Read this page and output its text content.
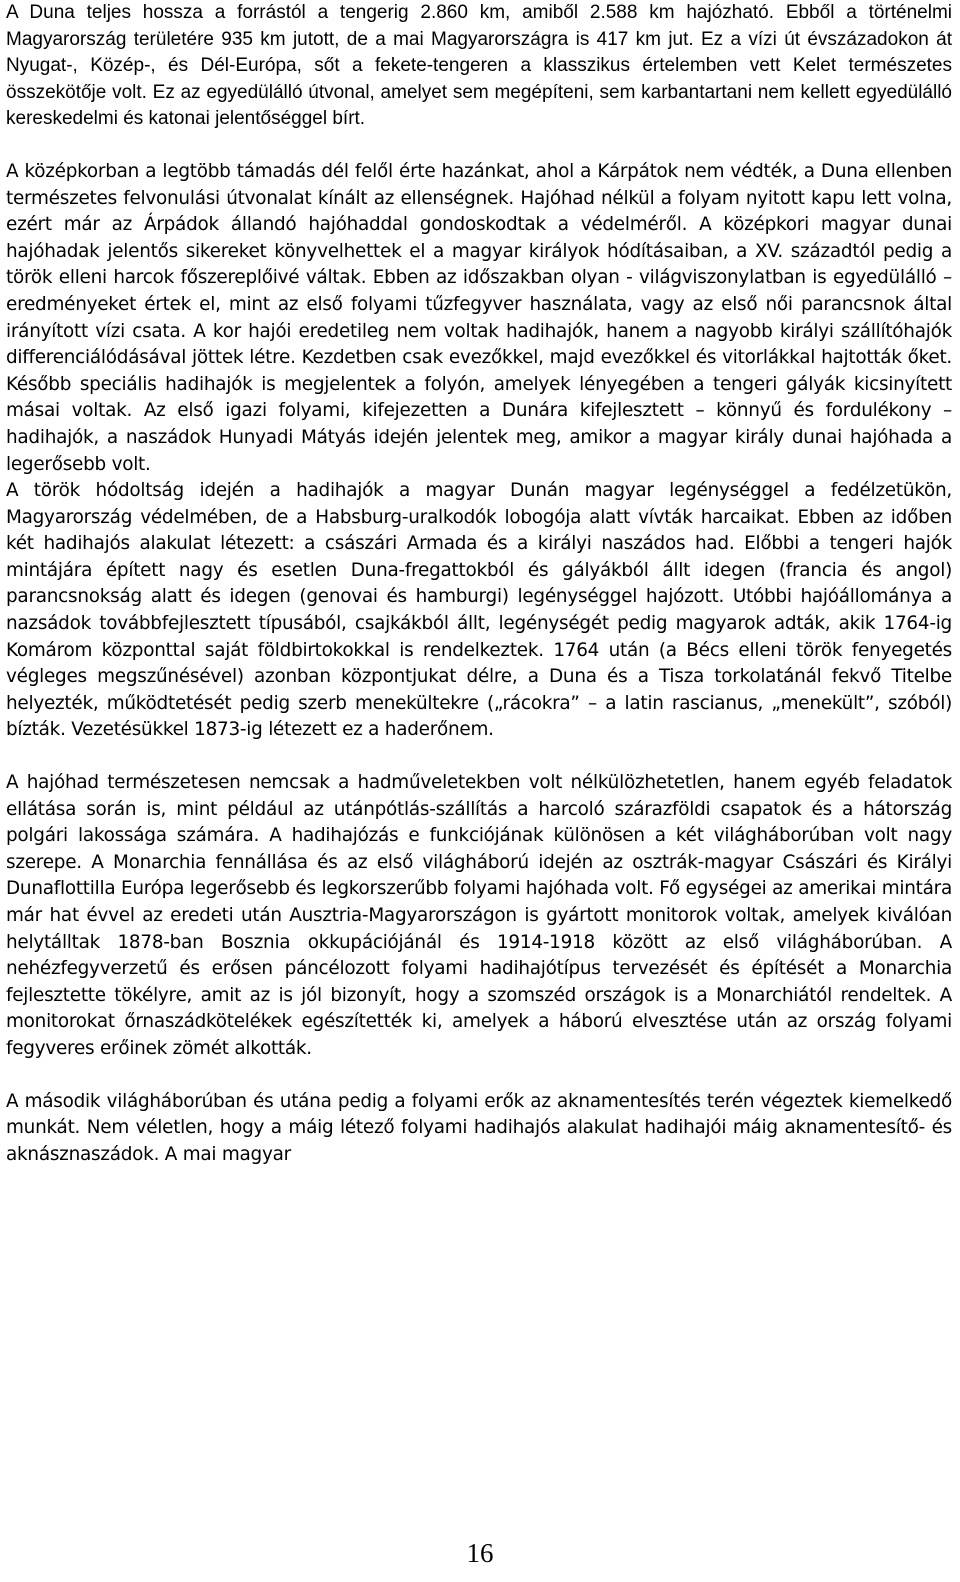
A Duna teljes hossza a forrástól a tengerig 2.860 km, amiből 2.588 km hajózható. Ebből a történelmi Magyarország területére 935 km jutott, de a mai Magyarországra is 417 km jut. Ez a vízi út évszázadokon át Nyugat-, Közép-, és Dél-Európa, sőt a fekete-tengeren a klasszikus értelemben vett Kelet természetes összekötője volt. Ez az egyedülálló útvonal, amelyet sem megépíteni, sem karbantartani nem kellett egyedülálló kereskedelmi és katonai jelentőséggel bírt.

A középkorban a legtöbb támadás dél felől érte hazánkat, ahol a Kárpátok nem védték, a Duna ellenben természetes felvonulási útvonalat kínált az ellenségnek. Hajóhad nélkül a folyam nyitott kapu lett volna, ezért már az Árpádok állandó hajóhaddal gondoskodtak a védelméről. A középkori magyar dunai hajóhadak jelentős sikereket könyvelhettek el a magyar királyok hódításaiban, a XV. századtól pedig a török elleni harcok főszereplőivé váltak. Ebben az időszakban olyan - világviszonylatban is egyedülálló – eredményeket értek el, mint az első folyami tűzfegyver használata, vagy az első női parancsnok által irányított vízi csata. A kor hajói eredetileg nem voltak hadihajók, hanem a nagyobb királyi szállítóhajók differenciálódásával jöttek létre. Kezdetben csak evezőkkel, majd evezőkkel és vitorlákkal hajtották őket. Később speciális hadihajók is megjelentek a folyón, amelyek lényegében a tengeri gályák kicsinyített másai voltak. Az első igazi folyami, kifejezetten a Dunára kifejlesztett – könnyű és fordulékony – hadihajók, a naszádok Hunyadi Mátyás idején jelentek meg, amikor a magyar király dunai hajóhada a legerősebb volt.

A török hódoltság idején a hadihajók a magyar Dunán magyar legénységgel a fedélzetükön, Magyarország védelmében, de a Habsburg-uralkodók lobogója alatt vívták harcaikat. Ebben az időben két hadihajós alakulat létezett: a császári Armada és a királyi naszádos had. Előbbi a tengeri hajók mintájára épített nagy és esetlen Duna-fregattokból és gályákból állt idegen (francia és angol) parancsnokság alatt és idegen (genovai és hamburgi) legénységgel hajózott. Utóbbi hajóállománya a nazsádok továbbfejlesztett típusából, csajkákból állt, legénységét pedig magyarok adták, akik 1764-ig Komárom központtal saját földbirtokokkal is rendelkeztek. 1764 után (a Bécs elleni török fenyegetés végleges megszűnésével) azonban központjukat délre, a Duna és a Tisza torkolatánál fekvő Titelbe helyezték, működtetését pedig szerb menekültekre („rácokra” – a latin rascianus, „menekült”, szóból) bízták. Vezetésükkel 1873-ig létezett ez a haderőnem.

A hajóhad természetesen nemcsak a hadműveletekben volt nélkülözhetetlen, hanem egyéb feladatok ellátása során is, mint például az utánpótlás-szállítás a harcoló szárazföldi csapatok és a hátország polgári lakossága számára. A hadihajózás e funkciójának különösen a két világháborúban volt nagy szerepe. A Monarchia fennállása és az első világháború idején az osztrák-magyar Császári és Királyi Dunaflottilla Európa legerősebb és legkorszerűbb folyami hajóhada volt. Fő egységei az amerikai mintára már hat évvel az eredeti után Ausztria-Magyarországon is gyártott monitorok voltak, amelyek kiválóan helytálltak 1878-ban Bosznia okkupációjánál és 1914-1918 között az első világháborúban. A nehézfegyverzetű és erősen páncélozott folyami hadihajótípus tervezését és építését a Monarchia fejlesztette tökélyre, amit az is jól bizonyít, hogy a szomszéd országok is a Monarchiától rendeltek. A monitorokat őrnaszádkötelékek egészítették ki, amelyek a háború elvesztése után az ország folyami fegyveres erőinek zömét alkották.

A második világháborúban és utána pedig a folyami erők az aknamentesítés terén végeztek kiemelkedő munkát. Nem véletlen, hogy a máig létező folyami hadihajós alakulat hadihajói máig aknamentesítő- és aknásznaszádok. A mai magyar

16
